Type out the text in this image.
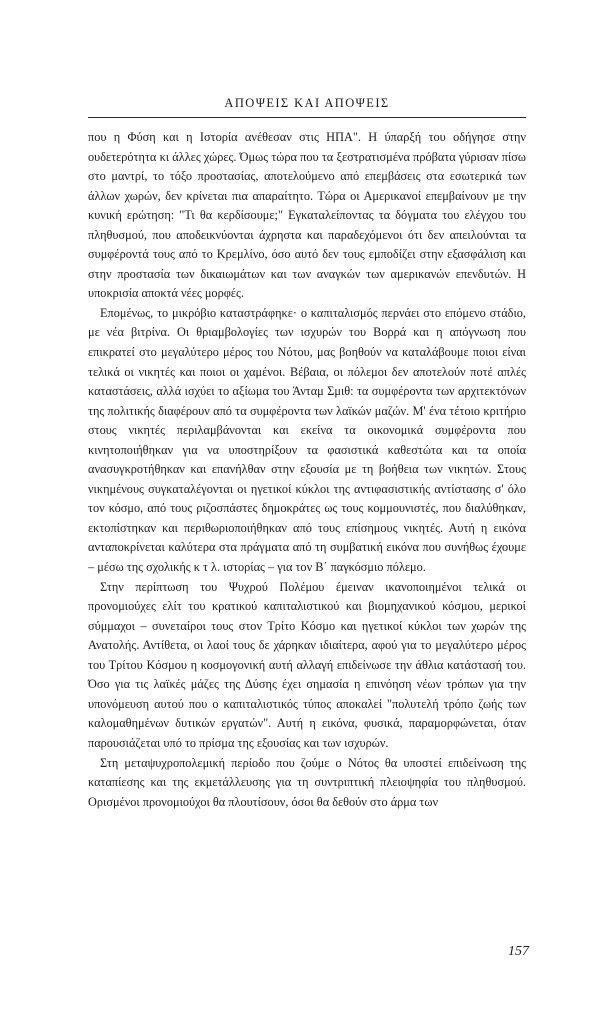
ΑΠΟΨΕΙΣ ΚΑΙ ΑΠΟΨΕΙΣ

που η Φύση και η Ιστορία ανέθεσαν στις ΗΠΑ". Η ύπαρξή του οδήγησε στην ουδετερότητα κι άλλες χώρες. Όμως τώρα που τα ξεστρατισμένα πρόβατα γύρισαν πίσω στο μαντρί, το τόξο προστασίας, αποτελούμενο από επεμβάσεις στα εσωτερικά των άλλων χωρών, δεν κρίνεται πια απαραίτητο. Τώρα οι Αμερικανοί επεμβαίνουν με την κυνική ερώτηση: "Τι θα κερδίσουμε;" Εγκαταλείποντας τα δόγματα του ελέγχου του πληθυσμού, που αποδεικνύονται άχρηστα και παραδεχόμενοι ότι δεν απειλούνται τα συμφέροντά τους από το Κρεμλίνο, όσο αυτό δεν τους εμποδίζει στην εξασφάλιση και στην προστασία των δικαιωμάτων και των αναγκών των αμερικανών επενδυτών. Η υποκρισία αποκτά νέες μορφές.

Επομένως, το μικρόβιο καταστράφηκε· ο καπιταλισμός περνάει στο επόμενο στάδιο, με νέα βιτρίνα. Οι θριαμβολογίες των ισχυρών του Βορρά και η απόγνωση που επικρατεί στο μεγαλύτερο μέρος του Νότου, μας βοηθούν να καταλάβουμε ποιοι είναι τελικά οι νικητές και ποιοι οι χαμένοι. Βέβαια, οι πόλεμοι δεν αποτελούν ποτέ απλές καταστάσεις, αλλά ισχύει το αξίωμα του Άνταμ Σμιθ: τα συμφέροντα των αρχιτεκτόνων της πολιτικής διαφέρουν από τα συμφέροντα των λαϊκών μαζών. Μ' ένα τέτοιο κριτήριο στους νικητές περιλαμβάνονται και εκείνα τα οικονομικά συμφέροντα που κινητοποιήθηκαν για να υποστηρίξουν τα φασιστικά καθεστώτα και τα οποία ανασυγκροτήθηκαν και επανήλθαν στην εξουσία με τη βοήθεια των νικητών. Στους νικημένους συγκαταλέγονται οι ηγετικοί κύκλοι της αντιφασιστικής αντίστασης σ' όλο τον κόσμο, από τους ριζοσπάστες δημοκράτες ως τους κομμουνιστές, που διαλύθηκαν, εκτοπίστηκαν και περιθωριοποιήθηκαν από τους επίσημους νικητές. Αυτή η εικόνα ανταποκρίνεται καλύτερα στα πράγματα από τη συμβατική εικόνα που συνήθως έχουμε – μέσω της σχολικής κ τ λ. ιστορίας – για τον Β΄ παγκόσμιο πόλεμο.

Στην περίπτωση του Ψυχρού Πολέμου έμειναν ικανοποιημένοι τελικά οι προνομιούχες ελίτ του κρατικού καπιταλιστικού και βιομηχανικού κόσμου, μερικοί σύμμαχοι – συνεταίροι τους στον Τρίτο Κόσμο και ηγετικοί κύκλοι των χωρών της Ανατολής. Αντίθετα, οι λαοί τους δε χάρηκαν ιδιαίτερα, αφού για το μεγαλύτερο μέρος του Τρίτου Κόσμου η κοσμογονική αυτή αλλαγή επιδείνωσε την άθλια κατάστασή του. Όσο για τις λαϊκές μάζες της Δύσης έχει σημασία η επινόηση νέων τρόπων για την υπονόμευση αυτού που ο καπιταλιστικός τύπος αποκαλεί "πολυτελή τρόπο ζωής των καλομαθημένων δυτικών εργατών". Αυτή η εικόνα, φυσικά, παραμορφώνεται, όταν παρουσιάζεται υπό το πρίσμα της εξουσίας και των ισχυρών.

Στη μεταψυχροπολεμική περίοδο που ζούμε ο Νότος θα υποστεί επιδείνωση της καταπίεσης και της εκμετάλλευσης για τη συντριπτική πλειοψηφία του πληθυσμού. Ορισμένοι προνομιούχοι θα πλουτίσουν, όσοι θα δεθούν στο άρμα των

157
